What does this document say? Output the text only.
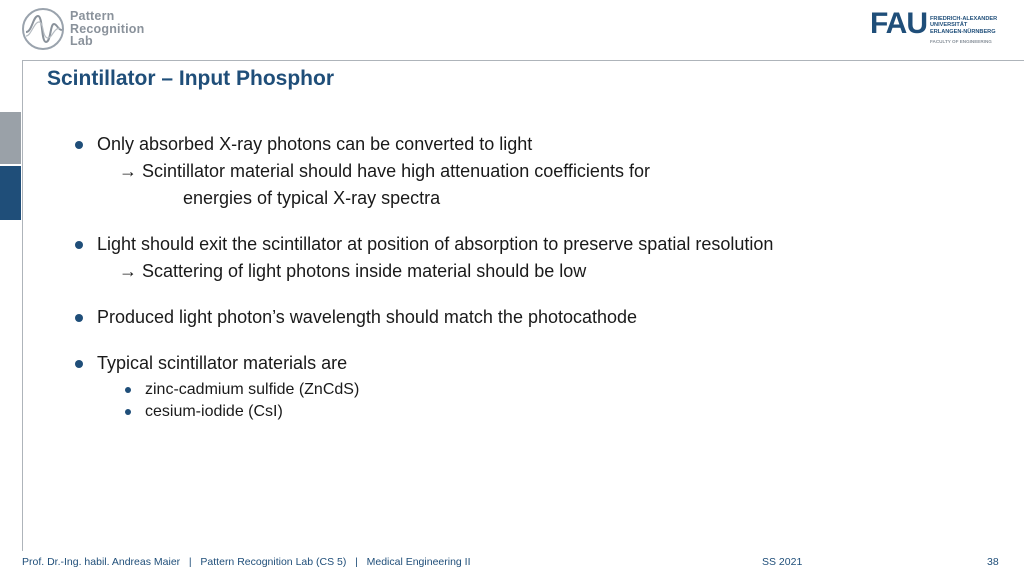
Pattern
Recognition
Lab
FAU FRIEDRICH-ALEXANDER
UNIVERSITÄT
ERLANGEN-NÜRNBERG
FACULTY OF ENGINEERING
Scintillator – Input Phosphor
Only absorbed X-ray photons can be converted to light
→ Scintillator material should have high attenuation coefficients for
energies of typical X-ray spectra
Light should exit the scintillator at position of absorption to preserve spatial resolution
→ Scattering of light photons inside material should be low
Produced light photon’s wavelength should match the photocathode
Typical scintillator materials are
zinc-cadmium sulfide (ZnCdS)
cesium-iodide (CsI)
Prof. Dr.-Ing. habil. Andreas Maier | Pattern Recognition Lab (CS 5) | Medical Engineering II	SS 2021	38
